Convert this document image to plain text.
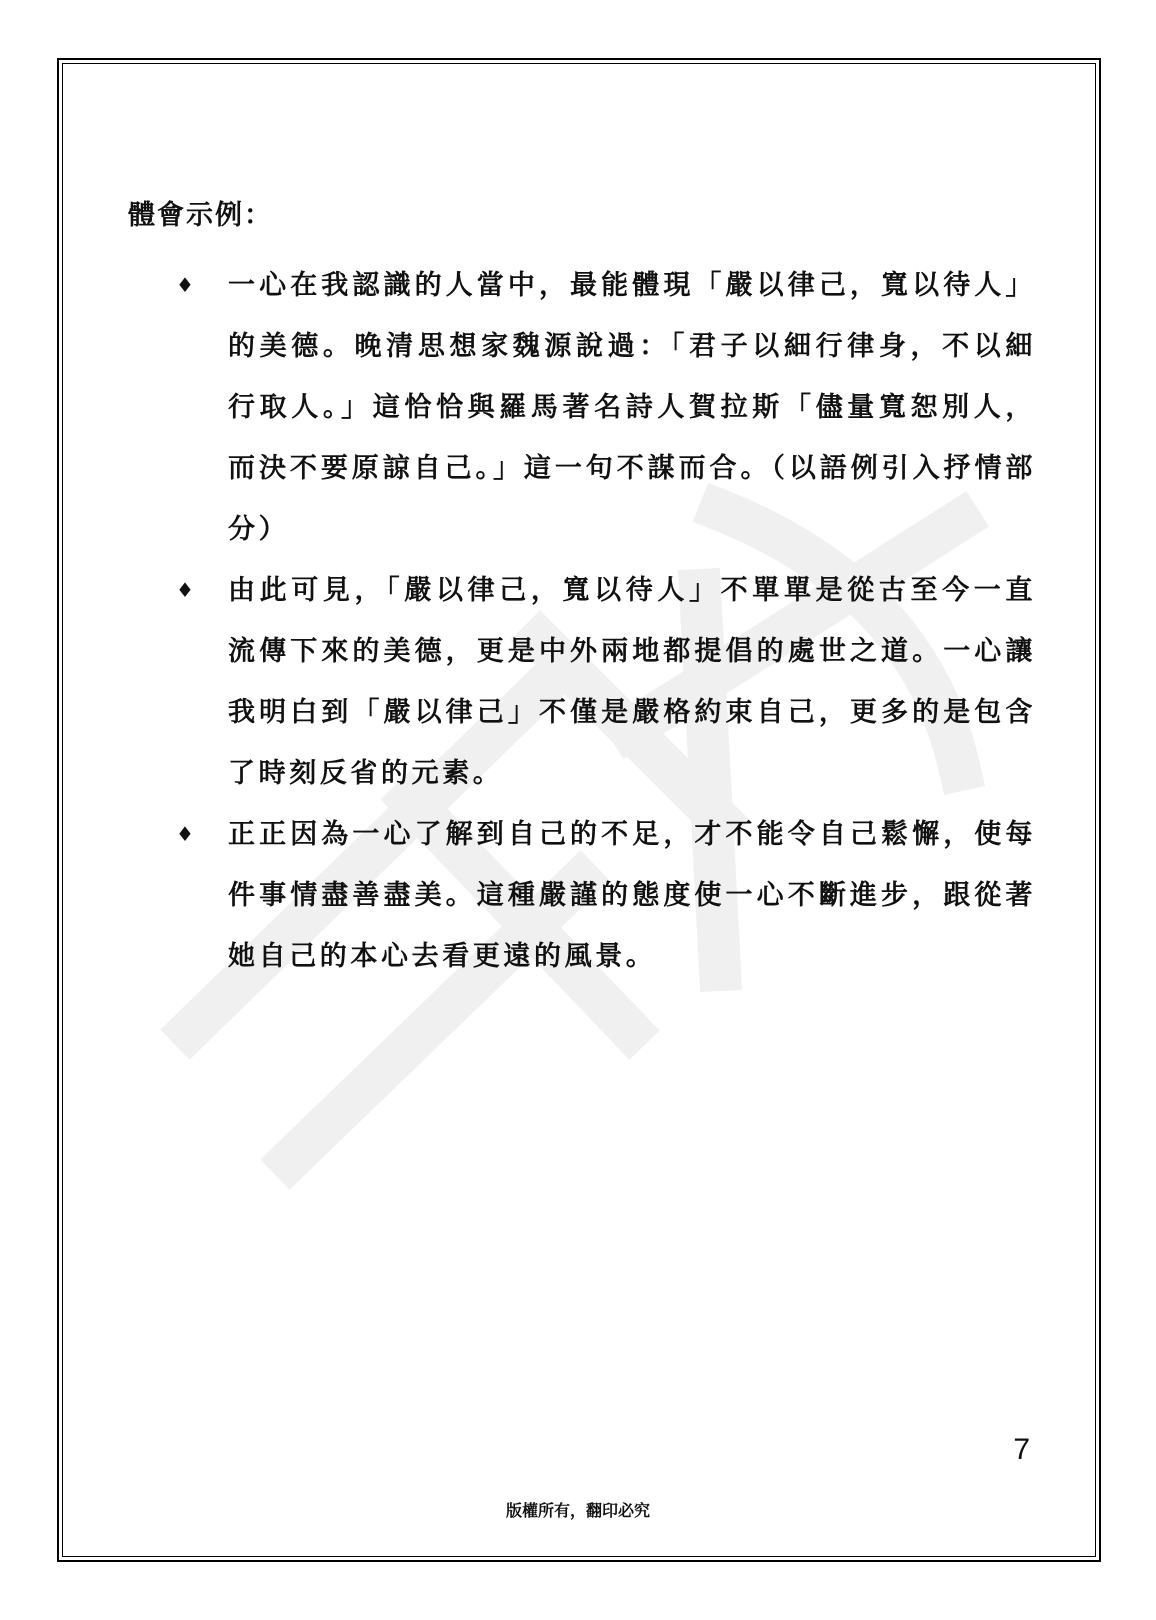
體會示例：
♦ 一心在我認識的人當中，最能體現「嚴以律己，寬以待人」的美德。晚清思想家魏源說過：「君子以細行律身，不以細行取人。」這恰恰與羅馬著名詩人賀拉斯「儘量寬恕別人，而決不要原諒自己。」這一句不謀而合。（以語例引入抒情部分）
♦ 由此可見，「嚴以律己，寬以待人」不單單是從古至今一直流傳下來的美德，更是中外兩地都提倡的處世之道。一心讓我明白到「嚴以律己」不僅是嚴格約束自己，更多的是包含了時刻反省的元素。
♦ 正正因為一心了解到自己的不足，才不能令自己鬆懈，使每件事情盡善盡美。這種嚴謹的態度使一心不斷進步，跟從著她自己的本心去看更遠的風景。
7
版權所有，翻印必究
